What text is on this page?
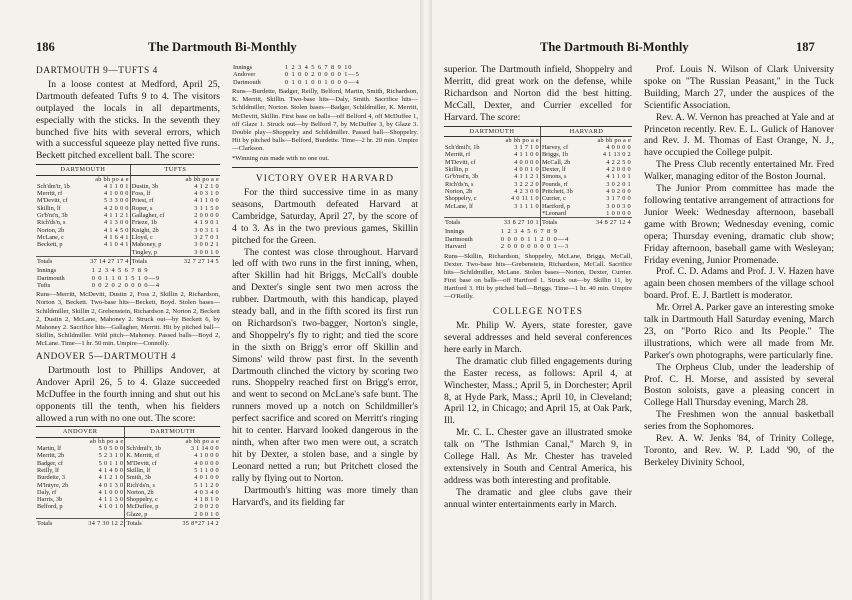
186	The Dartmouth Bi-Monthly
DARTMOUTH 9—TUFTS 4

In a loose contest at Medford, April 25, Dartmouth defeated Tufts 9 to 4. The visitors outplayed the locals in all departments, especially with the sticks. In the seventh they bunched five hits with several errors, which with a successful squeeze play netted five runs. Beckett pitched excellent ball. The score:

DARTMOUTH		TUFTS	
	ab bh po a e		ab bh po a e
Sch'dm'tr, 1b	4 1 1 0 1	Dustin, 3b	4 1 2 1 0
Merritt, rf	4 1 0 0 0	Foss, lf	4 0 3 1 0
M'Devitt, cf	5 3 3 0 0	Priest, rf	4 1 1 0 0
Skillin, lf	4 2 0 0 0	Roper, s	3 1 1 5 0
Gr'b'nt'n, 3b	4 1 1 2 1	Gallagher, cf	2 0 0 0 0
Rich'ds'n, s	4 1 3 0 0	Frieze, 1b	4 1 9 0 1
Norton, 2b	4 1 4 5 0	Knight, 2b	3 0 3 1 1
McLane, c	4 1 6 4 1	Lloyd, c	3 2 7 0 1
Beckett, p	4 1 0 4 1	Mahoney, p	3 0 0 2 1
		Tingley, p	3 0 0 1 0
Totals	37 14 27 17 4	Totals	32 7 27 14 5
Innings	1 2 3 4 5 6 7 8 9
Dartmouth	0 0 1 1 0 1 5 1 0—9
Tufts	0 0 2 0 2 0 0 0 0—4

Runs—Merritt, McDevitt, Dustin 2, Foss 2, Skillin 2, Richardson, Norton 3, Beckett. Two-base hits—Beckett, Boyd. Stolen bases—Schildmiller, Skillin 2, Grebenstein, Richardson 2, Norton 2, Beckett 2, Dustin 2, McLane, Mahoney 2. Struck out—by Beckett 6, by Mahoney 2. Sacrifice hits—Gallagher, Merritt. Hit by pitched ball—Skillin, Schildmiller. Wild pitch—Mahoney. Passed balls—Boyd 2, McLane. Time—1 hr. 50 min. Umpire—Connolly.

ANDOVER 5—DARTMOUTH 4

Dartmouth lost to Phillips Andover, at Andover April 26, 5 to 4. Glaze succeeded McDuffee in the fourth inning and shut out his opponents till the tenth, when his fielders allowed a run with no one out. The score:

ANDOVER		DARTMOUTH	
	ab bh po a e		ab bh po a e
Martin, lf	5 0 5 0 0	Sch'dmil'r, 1b	3 1 14 0 0
Merritt, 2b	5 2 3 1 0	K. Merritt, rf	4 1 0 0 0
Badger, cf	5 0 1 1 0	M'Devitt, cf	4 0 0 0 0
Reilly, lf	4 1 4 0 0	Skillin, lf	5 1 1 0 0
Burdette, 3	4 1 2 1 0	Smith, 3b	4 0 1 0 0
M'Intyre, 2b	4 0 1 3 0	Rich'ds'n, s	5 1 1 2 0
Daly, rf	4 1 0 0 0	Norton, 2b	4 0 3 4 0
Harris, 3b	4 1 1 3 0	Shoppelry, c	4 1 8 1 0
Belford, p	4 1 0 1 0	McDuffee, p	2 0 0 2 0
		Glaze, p	2 0 0 1 0
Totals	34 7 30 12 2	Totals	35 8*27 14 2
Innings	1 2 3 4 5 6 7 8 9 10
Andover	0 1 0 0 2 0 0 0 0 1—5
Dartmouth	0 1 0 1 0 0 1 0 0 0—4

Runs—Burdette, Badger, Reilly, Belford, Martin, Smith, Richardson, K. Merritt, Skillin. Two-base hits—Daly, Smith. Sacrifice hits—Schildmiller, Norton. Stolen bases—Badger, Schildmiller, K. Merritt, McDevitt, Skillin. First base on balls—off Belford 4, off McDuffee 1, off Glaze 1. Struck out—by Belford 7, by McDuffee 3, by Glaze 3. Double play—Shoppelry and Schildmiller. Passed ball—Shoppelry. Hit by pitched balls—Belford, Burdette. Time—2 hr. 20 min. Umpire—Clarkson.

*Winning run made with no one out.

VICTORY OVER HARVARD

For the third successive time in as many seasons, Dartmouth defeated Harvard at Cambridge, Saturday, April 27, by the score of 4 to 3. As in the two previous games, Skillin pitched for the Green.

The contest was close throughout. Harvard led off with two runs in the first inning, when, after Skillin had hit Briggs, McCall's double and Dexter's single sent two men across the rubber. Dartmouth, with this handicap, played steady ball, and in the fifth scored its first run on Richardson's two-bagger, Norton's single, and Shoppelry's fly to right; and tied the score in the sixth on Brigg's error off Skillin and Simons' wild throw past first. In the seventh Dartmouth clinched the victory by scoring two runs. Shoppelry reached first on Brigg's error, and went to second on McLane's safe bunt. The runners moved up a notch on Schildmiller's perfect sacrifice and scored on Merritt's ringing hit to center. Harvard looked dangerous in the ninth, when after two men were out, a scratch hit by Dexter, a stolen base, and a single by Leonard netted a run; but Pritchett closed the rally by flying out to Norton.

Dartmouth's hitting was more timely than Harvard's, and its fielding far

The Dartmouth Bi-Monthly	187

superior. The Dartmouth infield, Shoppelry and Merritt, did great work on the defense, while Richardson and Norton did the best hitting. McCall, Dexter, and Currier excelled for Harvard. The score:

DARTMOUTH		HARVARD	
	ab bh po a e		ab bh po a e
Sch'dmil'r, 1b	3 1 7 1 0	Harvey, cf	4 0 0 0 0
Merritt, rf	4 1 1 0 0	Briggs, 1b	4 1 13 0 2
M'Devitt, cf	4 0 0 0 0	McCall, 2b	4 2 2 5 0
Skillin, p	4 0 0 1 0	Dexter, lf	4 2 0 0 0
Gr'b'nst'n, 3b	4 1 1 2 1	Simons, s	4 1 1 0 1
Rich'ds'n, s	3 2 2 2 0	Pounds, rf	3 0 2 0 1
Norton, 2b	4 2 3 0 0	Pritchett, 3b	4 0 2 0 0
Shoppelry, c	4 0 11 1 0	Currier, c	3 1 7 0 0
McLane, lf	3 1 1 1 0	Hartford, p	3 0 0 3 0
		*Leonard	1 0 0 0 0
Totals	33 8 27 10 1	Totals	34 8 27 12 4
Innings	1 2 3 4 5 6 7 8 9
Dartmouth	0 0 0 0 1 1 2 0 0—4
Harvard	2 0 0 0 0 0 0 0 1—3

Runs—Skillin, Richardson, Shoppelry, McLane, Briggs, McCall, Dexter. Two-base hits—Grebenstein, Richardson, McCall. Sacrifice hits—Schildmiller, McLane. Stolen bases—Norton, Dexter, Currier. First base on balls—off Hartford 1. Struck out—by Skillin 11, by Hartford 3. Hit by pitched ball—Briggs. Time—1 hr. 40 min. Umpire—O'Reilly.

COLLEGE NOTES

Mr. Philip W. Ayers, state forester, gave several addresses and held several conferences here early in March.

The dramatic club filled engagements during the Easter recess, as follows: April 4, at Winchester, Mass.; April 5, in Dorchester; April 8, at Hyde Park, Mass.; April 10, in Cleveland; April 12, in Chicago; and April 15, at Oak Park, Ill.

Mr. C. L. Chester gave an illustrated smoke talk on "The Isthmian Canal," March 9, in College Hall. As Mr. Chester has traveled extensively in South and Central America, his address was both interesting and profitable.

The dramatic and glee clubs gave their annual winter entertainments early in March.

Prof. Louis N. Wilson of Clark University spoke on "The Russian Peasant," in the Tuck Building, March 27, under the auspices of the Scientific Association.

Rev. A. W. Vernon has preached at Yale and at Princeton recently. Rev. E. L. Gulick of Hanover and Rev. J. M. Thomas of East Orange, N. J., have occupied the College pulpit.

The Press Club recently entertained Mr. Fred Walker, managing editor of the Boston Journal.

The Junior Prom committee has made the following tentative arrangement of attractions for Junior Week: Wednesday afternoon, baseball game with Brown; Wednesday evening, comic opera; Thursday evening, dramatic club show; Friday afternoon, baseball game with Wesleyan; Friday evening, Junior Promenade.

Prof. C. D. Adams and Prof. J. V. Hazen have again been chosen members of the village school board. Prof. E. J. Bartlett is moderator.

Mr. Orrel A. Parker gave an interesting smoke talk in Dartmouth Hall Saturday evening, March 23, on "Porto Rico and Its People." The illustrations, which were all made from Mr. Parker's own photographs, were particularly fine.

The Orpheus Club, under the leadership of Prof. C. H. Morse, and assisted by several Boston soloists, gave a pleasing concert in College Hall Thursday evening, March 28.

The Freshmen won the annual basketball series from the Sophomores.

Rev. A. W. Jenks '84, of Trinity College, Toronto, and Rev. W. P. Ladd '90, of the Berkeley Divinity School,
